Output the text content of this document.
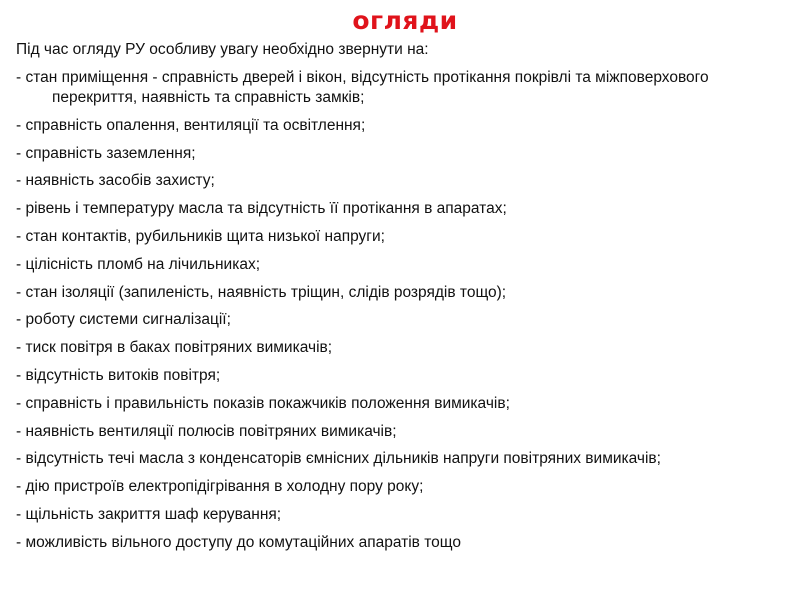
огляди

Під час огляду РУ особливу увагу необхідно звернути на:

- стан приміщення - справність дверей і вікон, відсутність протікання покрівлі та міжповерхового перекриття, наявність та справність замків;
- справність опалення, вентиляції та освітлення;
- справність заземлення;
- наявність засобів захисту;
- рівень і температуру масла та відсутність її протікання в апаратах;
- стан контактів, рубильників щита низької напруги;
- цілісність пломб на лічильниках;
- стан ізоляції (запиленість, наявність тріщин, слідів розрядів тощо);
- роботу системи сигналізації;
- тиск повітря в баках повітряних вимикачів;
- відсутність витоків повітря;
- справність і правильність показів покажчиків положення вимикачів;
- наявність вентиляції полюсів повітряних вимикачів;
- відсутність течі масла з конденсаторів ємнісних дільників напруги повітряних вимикачів;
- дію пристроїв електропідігрівання в холодну пору року;
- щільність закриття шаф керування;
- можливість вільного доступу до комутаційних апаратів тощо
